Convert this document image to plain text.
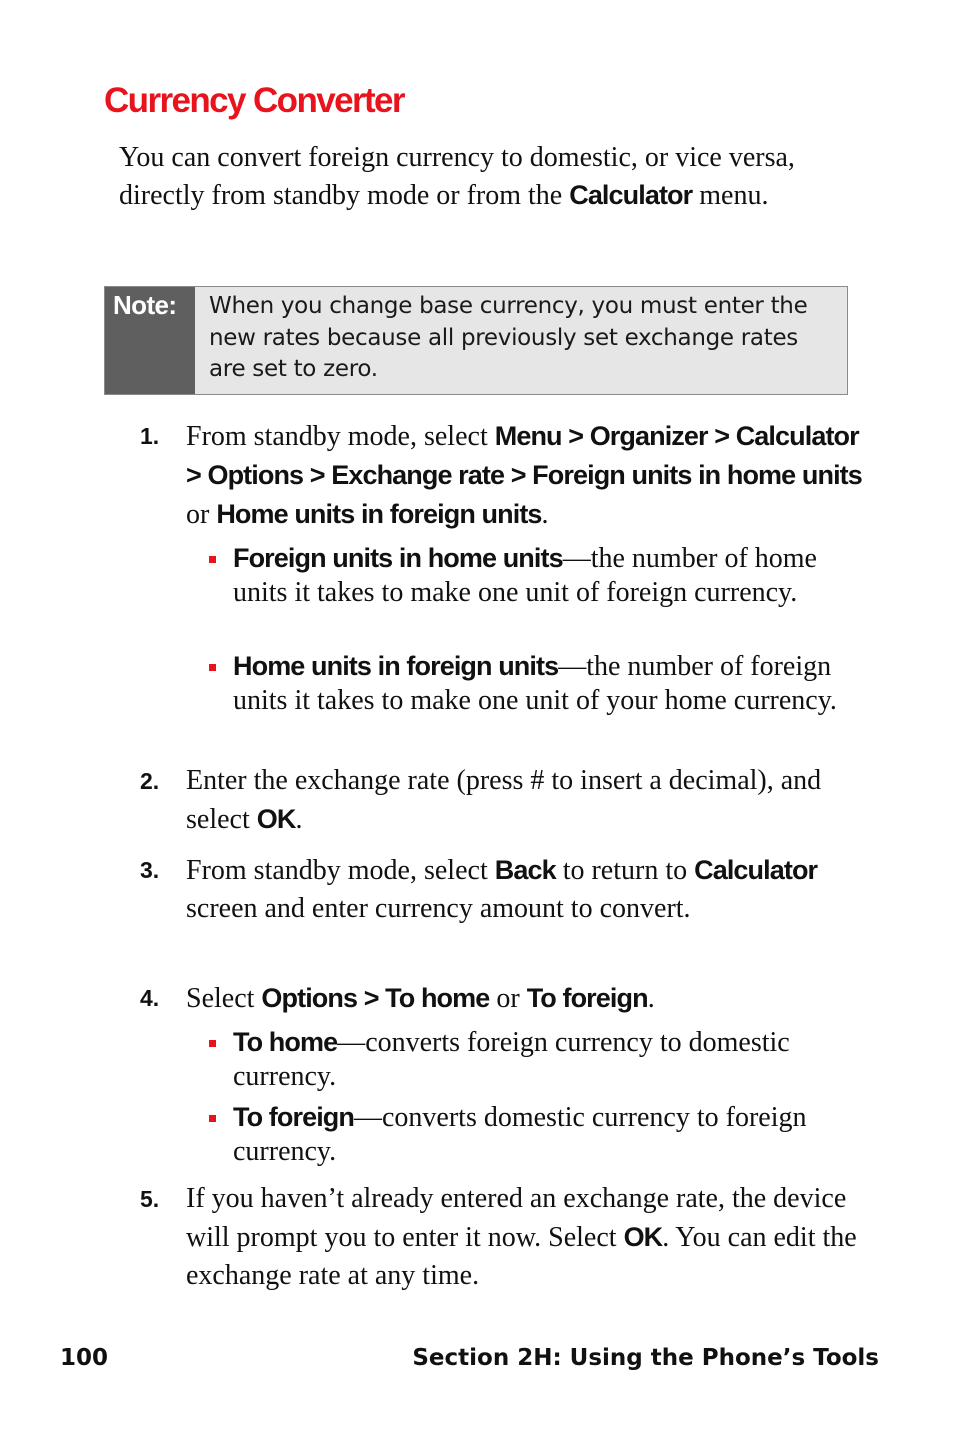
Currency Converter
You can convert foreign currency to domestic, or vice versa, directly from standby mode or from the Calculator menu.
Note:	When you change base currency, you must enter the new rates because all previously set exchange rates are set to zero.
1. From standby mode, select Menu > Organizer > Calculator > Options > Exchange rate > Foreign units in home units or Home units in foreign units.
Foreign units in home units—the number of home units it takes to make one unit of foreign currency.
Home units in foreign units—the number of foreign units it takes to make one unit of your home currency.
2. Enter the exchange rate (press # to insert a decimal), and select OK.
3. From standby mode, select Back to return to Calculator screen and enter currency amount to convert.
4. Select Options > To home or To foreign.
To home—converts foreign currency to domestic currency.
To foreign—converts domestic currency to foreign currency.
5. If you haven’t already entered an exchange rate, the device will prompt you to enter it now. Select OK. You can edit the exchange rate at any time.
100	Section 2H: Using the Phone’s Tools
